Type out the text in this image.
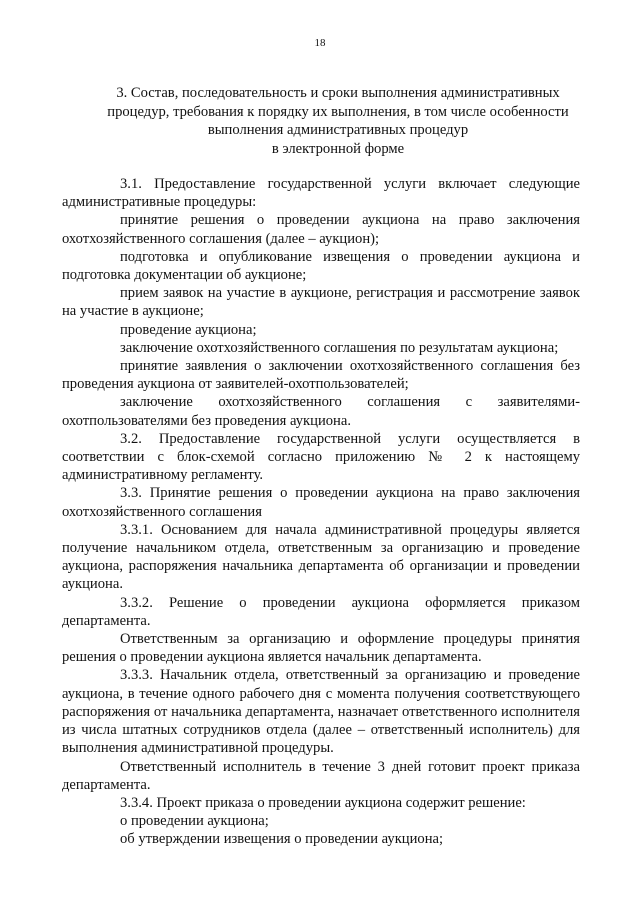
18
3. Состав, последовательность и сроки выполнения административных
процедур, требования к порядку их выполнения, в том числе особенности
выполнения административных процедур
в электронной форме

3.1. Предоставление государственной услуги включает следующие административные процедуры:

принятие решения о проведении аукциона на право заключения охотхозяйственного соглашения (далее – аукцион);

подготовка и опубликование извещения о проведении аукциона и подготовка документации об аукционе;

прием заявок на участие в аукционе, регистрация и рассмотрение заявок на участие в аукционе;

проведение аукциона;

заключение охотхозяйственного соглашения по результатам аукциона;

принятие заявления о заключении охотхозяйственного соглашения без проведения аукциона от заявителей-охотпользователей;

заключение охотхозяйственного соглашения с заявителями-охотпользователями без проведения аукциона.

3.2. Предоставление государственной услуги осуществляется в соответствии с блок-схемой согласно приложению № 2 к настоящему административному регламенту.

3.3. Принятие решения о проведении аукциона на право заключения охотхозяйственного соглашения

3.3.1. Основанием для начала административной процедуры является получение начальником отдела, ответственным за организацию и проведение аукциона, распоряжения начальника департамента об организации и проведении аукциона.

3.3.2. Решение о проведении аукциона оформляется приказом департамента.

Ответственным за организацию и оформление процедуры принятия решения о проведении аукциона является начальник департамента.

3.3.3. Начальник отдела, ответственный за организацию и проведение аукциона, в течение одного рабочего дня с момента получения соответствующего распоряжения от начальника департамента, назначает ответственного исполнителя из числа штатных сотрудников отдела (далее – ответственный исполнитель) для выполнения административной процедуры.

Ответственный исполнитель в течение 3 дней готовит проект приказа департамента.

3.3.4. Проект приказа о проведении аукциона содержит решение:

о проведении аукциона;

об утверждении извещения о проведении аукциона;
